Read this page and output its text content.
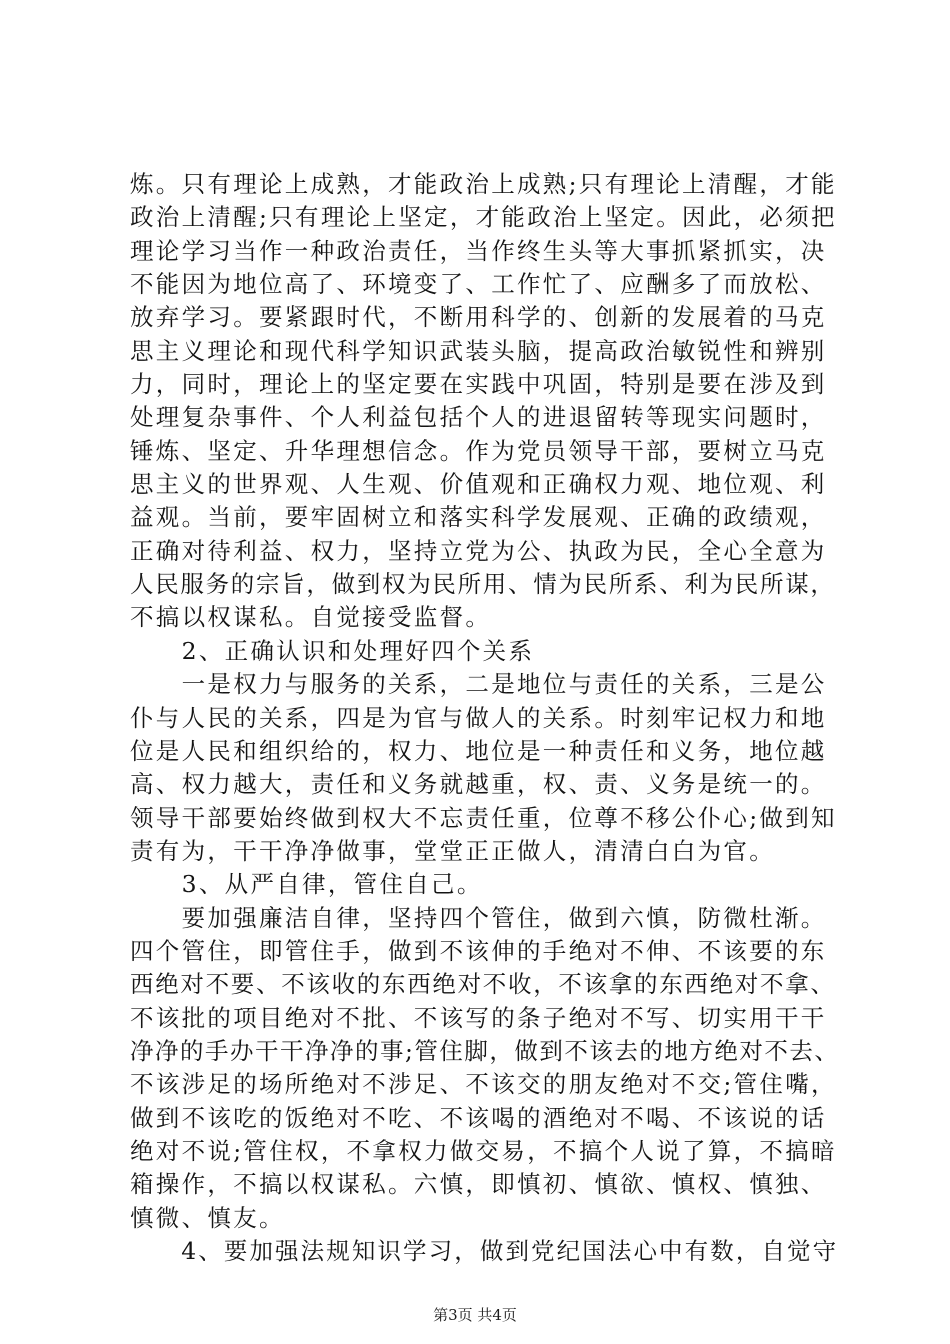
炼。只有理论上成熟，才能政治上成熟;只有理论上清醒，才能
政治上清醒;只有理论上坚定，才能政治上坚定。因此，必须把
理论学习当作一种政治责任，当作终生头等大事抓紧抓实，决
不能因为地位高了、环境变了、工作忙了、应酬多了而放松、
放弃学习。要紧跟时代，不断用科学的、创新的发展着的马克
思主义理论和现代科学知识武装头脑，提高政治敏锐性和辨别
力，同时，理论上的坚定要在实践中巩固，特别是要在涉及到
处理复杂事件、个人利益包括个人的进退留转等现实问题时，
锤炼、坚定、升华理想信念。作为党员领导干部，要树立马克
思主义的世界观、人生观、价值观和正确权力观、地位观、利
益观。当前，要牢固树立和落实科学发展观、正确的政绩观，
正确对待利益、权力，坚持立党为公、执政为民，全心全意为
人民服务的宗旨，做到权为民所用、情为民所系、利为民所谋，
不搞以权谋私。自觉接受监督。
　　2、正确认识和处理好四个关系
　　一是权力与服务的关系，二是地位与责任的关系，三是公
仆与人民的关系，四是为官与做人的关系。时刻牢记权力和地
位是人民和组织给的，权力、地位是一种责任和义务，地位越
高、权力越大，责任和义务就越重，权、责、义务是统一的。
领导干部要始终做到权大不忘责任重，位尊不移公仆心;做到知
责有为，干干净净做事，堂堂正正做人，清清白白为官。
　　3、从严自律，管住自己。
　　要加强廉洁自律，坚持四个管住，做到六慎，防微杜渐。
四个管住，即管住手，做到不该伸的手绝对不伸、不该要的东
西绝对不要、不该收的东西绝对不收，不该拿的东西绝对不拿、
不该批的项目绝对不批、不该写的条子绝对不写、切实用干干
净净的手办干干净净的事;管住脚，做到不该去的地方绝对不去、
不该涉足的场所绝对不涉足、不该交的朋友绝对不交;管住嘴，
做到不该吃的饭绝对不吃、不该喝的酒绝对不喝、不该说的话
绝对不说;管住权，不拿权力做交易，不搞个人说了算，不搞暗
箱操作，不搞以权谋私。六慎，即慎初、慎欲、慎权、慎独、
慎微、慎友。
　　4、要加强法规知识学习，做到党纪国法心中有数，自觉守
第3页 共4页
